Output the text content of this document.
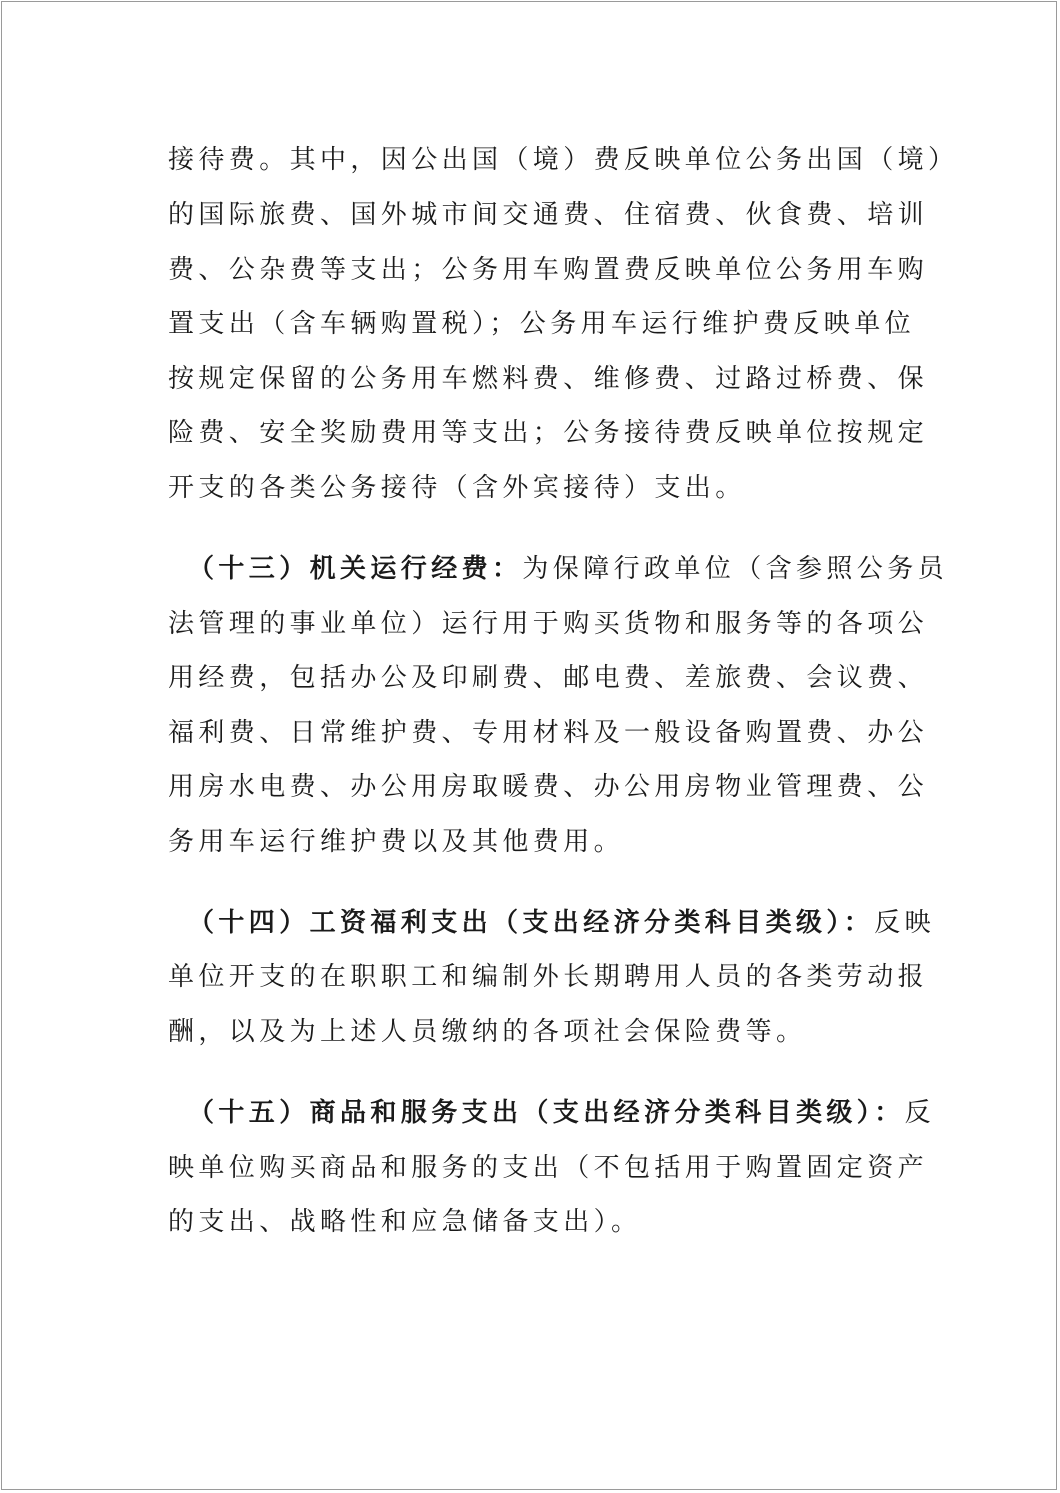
接待费。其中，因公出国（境）费反映单位公务出国（境）
的国际旅费、国外城市间交通费、住宿费、伙食费、培训
费、公杂费等支出；公务用车购置费反映单位公务用车购
置支出（含车辆购置税）；公务用车运行维护费反映单位
按规定保留的公务用车燃料费、维修费、过路过桥费、保
险费、安全奖励费用等支出；公务接待费反映单位按规定
开支的各类公务接待（含外宾接待）支出。
（十三）机关运行经费：为保障行政单位（含参照公务员
法管理的事业单位）运行用于购买货物和服务等的各项公
用经费，包括办公及印刷费、邮电费、差旅费、会议费、
福利费、日常维护费、专用材料及一般设备购置费、办公
用房水电费、办公用房取暖费、办公用房物业管理费、公
务用车运行维护费以及其他费用。
（十四）工资福利支出（支出经济分类科目类级）：反映
单位开支的在职职工和编制外长期聘用人员的各类劳动报
酬，以及为上述人员缴纳的各项社会保险费等。
（十五）商品和服务支出（支出经济分类科目类级）：反
映单位购买商品和服务的支出（不包括用于购置固定资产
的支出、战略性和应急储备支出）。
